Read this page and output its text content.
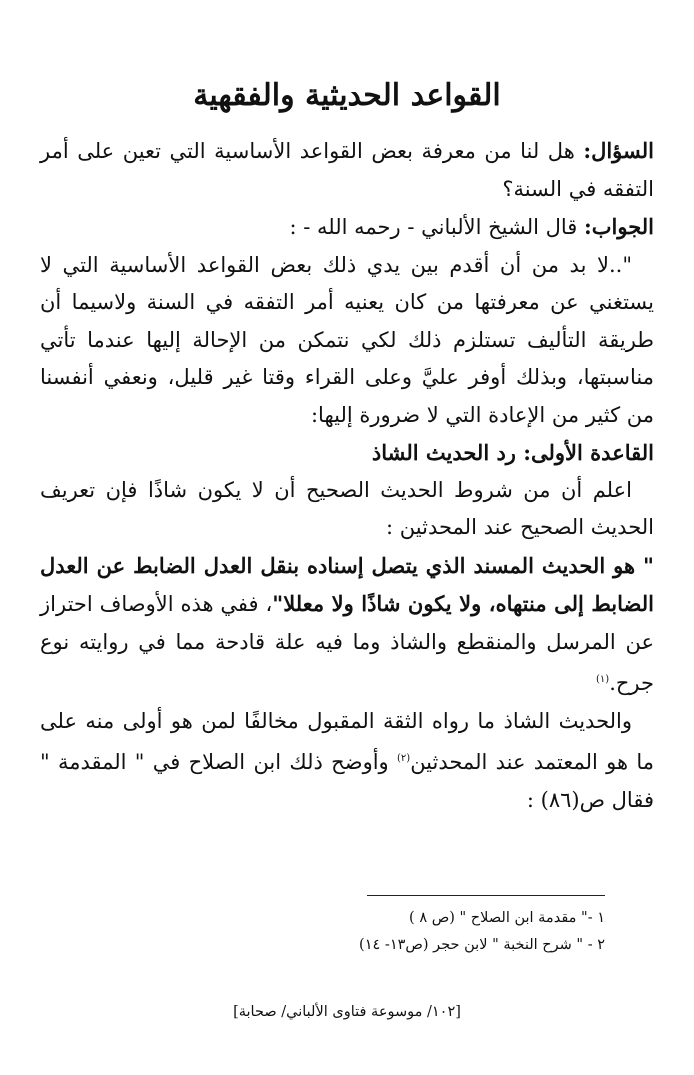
القواعد الحديثية والفقهية

السؤال: هل لنا من معرفة بعض القواعد الأساسية التي تعين على أمر التفقه في السنة؟

الجواب: قال الشيخ الألباني - رحمه الله - :

"..لا بد من أن أقدم بين يدي ذلك بعض القواعد الأساسية التي لا يستغني عن معرفتها من كان يعنيه أمر التفقه في السنة ولاسيما أن طريقة التأليف تستلزم ذلك لكي نتمكن من الإحالة إليها عندما تأتي مناسبتها، وبذلك أوفر عليَّ وعلى القراء وقتا غير قليل، ونعفي أنفسنا من كثير من الإعادة التي لا ضرورة إليها:

القاعدة الأولى: رد الحديث الشاذ

اعلم أن من شروط الحديث الصحيح أن لا يكون شاذًا فإن تعريف الحديث الصحيح عند المحدثين :

" هو الحديث المسند الذي يتصل إسناده بنقل العدل الضابط عن العدل الضابط إلى منتهاه، ولا يكون شاذًا ولا معللا"، ففي هذه الأوصاف احتراز عن المرسل والمنقطع والشاذ وما فيه علة قادحة مما في روايته نوع جرح.$^{(١)}$

والحديث الشاذ ما رواه الثقة المقبول مخالفًا لمن هو أولى منه على ما هو المعتمد عند المحدثين$^{(٢)}$ وأوضح ذلك ابن الصلاح في " المقدمة " فقال ص(٨٦) :

١ -" مقدمة ابن الصلاح " (ص ٨ )

٢ - " شرح النخبة " لابن حجر (ص١٣- ١٤)

[١٠٢/ موسوعة فتاوى الألباني/ صحابة]
